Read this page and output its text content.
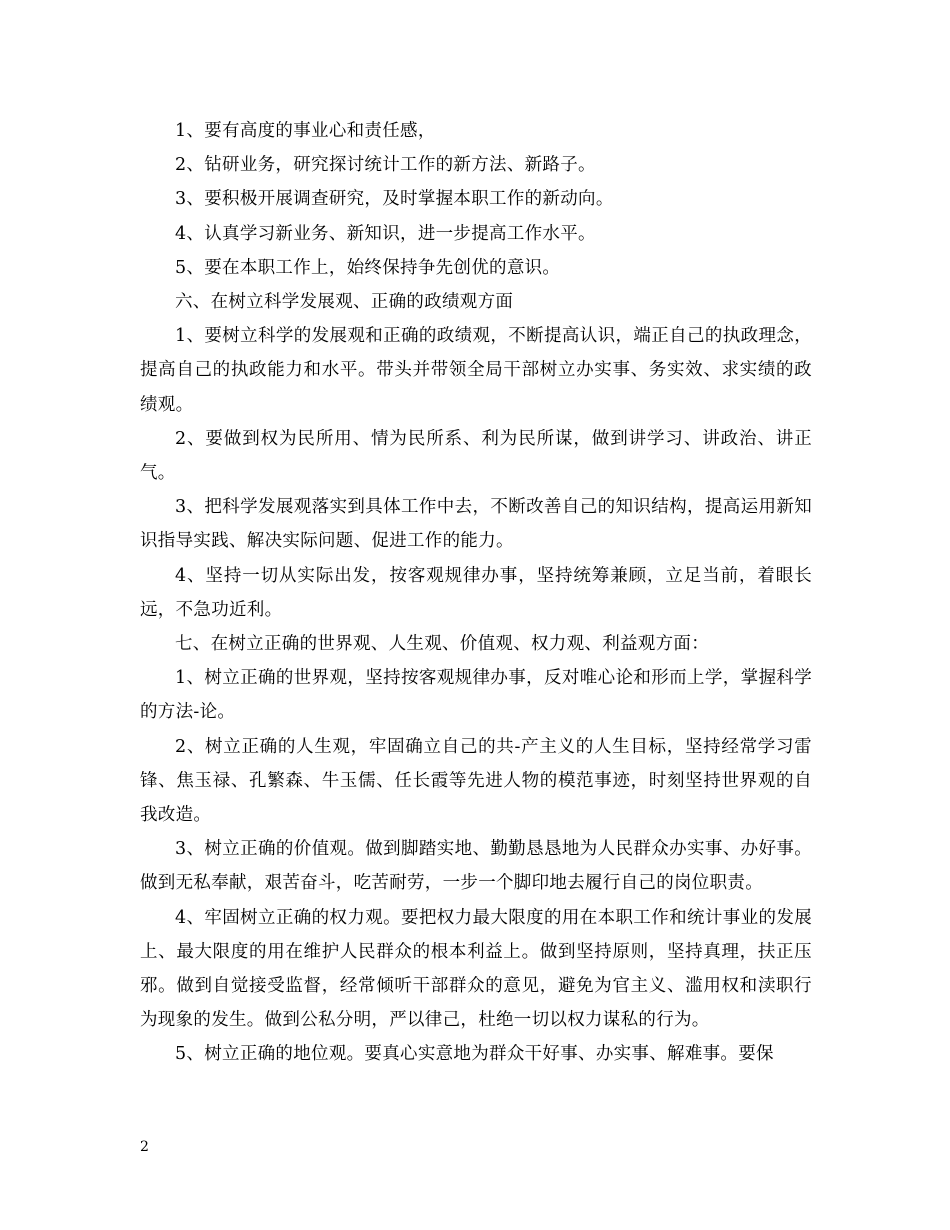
1、要有高度的事业心和责任感，

2、钻研业务，研究探讨统计工作的新方法、新路子。

3、要积极开展调查研究，及时掌握本职工作的新动向。

4、认真学习新业务、新知识，进一步提高工作水平。

5、要在本职工作上，始终保持争先创优的意识。

六、在树立科学发展观、正确的政绩观方面

1、要树立科学的发展观和正确的政绩观，不断提高认识，端正自己的执政理念，提高自己的执政能力和水平。带头并带领全局干部树立办实事、务实效、求实绩的政绩观。

2、要做到权为民所用、情为民所系、利为民所谋，做到讲学习、讲政治、讲正气。

3、把科学发展观落实到具体工作中去，不断改善自己的知识结构，提高运用新知识指导实践、解决实际问题、促进工作的能力。

4、坚持一切从实际出发，按客观规律办事，坚持统筹兼顾，立足当前，着眼长远，不急功近利。

七、在树立正确的世界观、人生观、价值观、权力观、利益观方面：

1、树立正确的世界观，坚持按客观规律办事，反对唯心论和形而上学，掌握科学的方法-论。

2、树立正确的人生观，牢固确立自己的共-产主义的人生目标，坚持经常学习雷锋、焦玉禄、孔繁森、牛玉儒、任长霞等先进人物的模范事迹，时刻坚持世界观的自我改造。

3、树立正确的价值观。做到脚踏实地、勤勤恳恳地为人民群众办实事、办好事。做到无私奉献，艰苦奋斗，吃苦耐劳，一步一个脚印地去履行自己的岗位职责。

4、牢固树立正确的权力观。要把权力最大限度的用在本职工作和统计事业的发展上、最大限度的用在维护人民群众的根本利益上。做到坚持原则，坚持真理，扶正压邪。做到自觉接受监督，经常倾听干部群众的意见，避免为官主义、滥用权和渎职行为现象的发生。做到公私分明，严以律己，杜绝一切以权力谋私的行为。

5、树立正确的地位观。要真心实意地为群众干好事、办实事、解难事。要保

2
